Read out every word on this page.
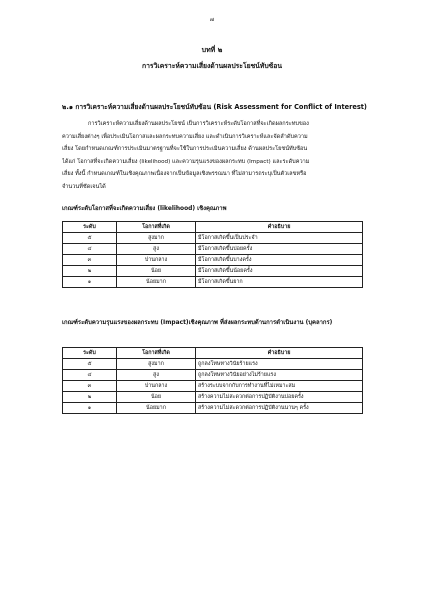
๗
บทที่ ๒
การวิเคราะห์ความเสี่ยงด้านผลประโยชน์ทับซ้อน
๒.๑ การวิเคราะห์ความเสี่ยงด้านผลประโยชน์ทับซ้อน (Risk Assessment for Conflict of Interest)
การวิเคราะห์ความเสี่ยงด้านผลประโยชน์ เป็นการวิเคราะห์ระดับโอกาสที่จะเกิดผลกระทบของ
ความเสี่ยงต่างๆ เพื่อประเมินโอกาสและผลกระทบความเสี่ยง และดำเนินการวิเคราะห์และจัดลำดับความ
เสี่ยง โดยกำหนดเกณฑ์การประเมินมาตรฐานที่จะใช้ในการประเมินความเสี่ยง ด้านผลประโยชน์ทับซ้อน
ได้แก่ โอกาสที่จะเกิดความเสี่ยง (likelihood) และความรุนแรงของผลกระทบ (Impact) และระดับความ
เสี่ยง ทั้งนี้ กำหนดเกณฑ์ในเชิงคุณภาพเนื่องจากเป็นข้อมูลเชิงพรรณนา ที่ไม่สามารถระบุเป็นตัวเลขหรือ
จำนวนที่ชัดเจนได้
เกณฑ์ระดับโอกาสที่จะเกิดความเสี่ยง (likelihood) เชิงคุณภาพ
ระดับ	โอกาสที่เกิด	คำอธิบาย
๕	สูงมาก	มีโอกาสเกิดขึ้นเป็นประจำ
๔	สูง	มีโอกาสเกิดขึ้นบ่อยครั้ง
๓	ปานกลาง	มีโอกาสเกิดขึ้นบางครั้ง
๒	น้อย	มีโอกาสเกิดขึ้นน้อยครั้ง
๑	น้อยมาก	มีโอกาสเกิดขึ้นยาก
เกณฑ์ระดับความรุนแรงของผลกระทบ (Impact)เชิงคุณภาพ ที่ส่งผลกระทบด้านการดำเนินงาน (บุคลากร)
ระดับ	โอกาสที่เกิด	คำอธิบาย
๕	สูงมาก	ถูกลงโทษทางวินัยร้ายแรง
๔	สูง	ถูกลงโทษทางวินัยอย่างไม่ร้ายแรง
๓	ปานกลาง	สร้างระบบจากกับการทำงานที่ไม่เหมาะสม
๒	น้อย	สร้างความไม่สะดวกต่อการปฏิบัติงานบ่อยครั้ง
๑	น้อยมาก	สร้างความไม่สะดวกต่อการปฏิบัติงานนานๆ ครั้ง
